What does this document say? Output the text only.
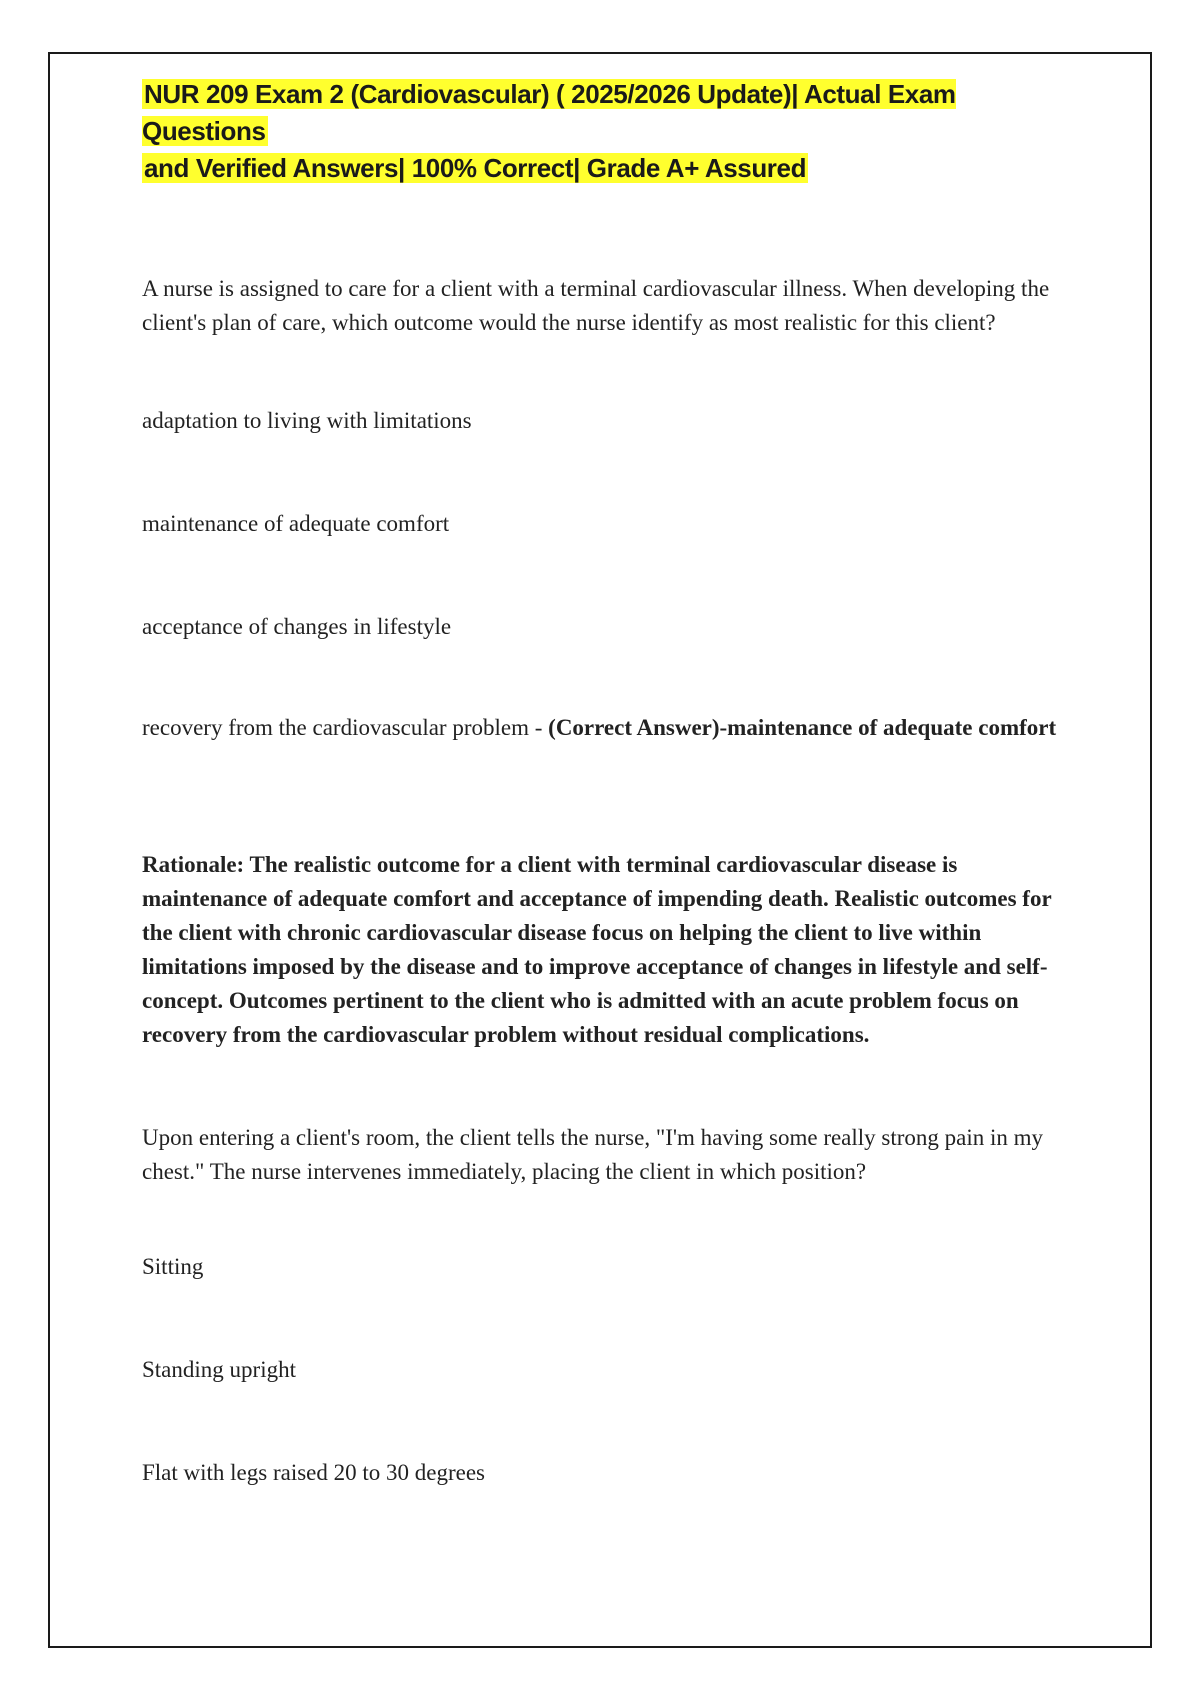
NUR 209 Exam 2 (Cardiovascular) ( 2025/2026 Update)| Actual Exam Questions
and Verified Answers| 100% Correct| Grade A+ Assured

A nurse is assigned to care for a client with a terminal cardiovascular illness. When developing the client's plan of care, which outcome would the nurse identify as most realistic for this client?

adaptation to living with limitations

maintenance of adequate comfort

acceptance of changes in lifestyle

recovery from the cardiovascular problem - (Correct Answer)-maintenance of adequate comfort

Rationale: The realistic outcome for a client with terminal cardiovascular disease is maintenance of adequate comfort and acceptance of impending death. Realistic outcomes for the client with chronic cardiovascular disease focus on helping the client to live within limitations imposed by the disease and to improve acceptance of changes in lifestyle and self-concept. Outcomes pertinent to the client who is admitted with an acute problem focus on recovery from the cardiovascular problem without residual complications.

Upon entering a client's room, the client tells the nurse, "I'm having some really strong pain in my chest." The nurse intervenes immediately, placing the client in which position?

Sitting

Standing upright

Flat with legs raised 20 to 30 degrees
